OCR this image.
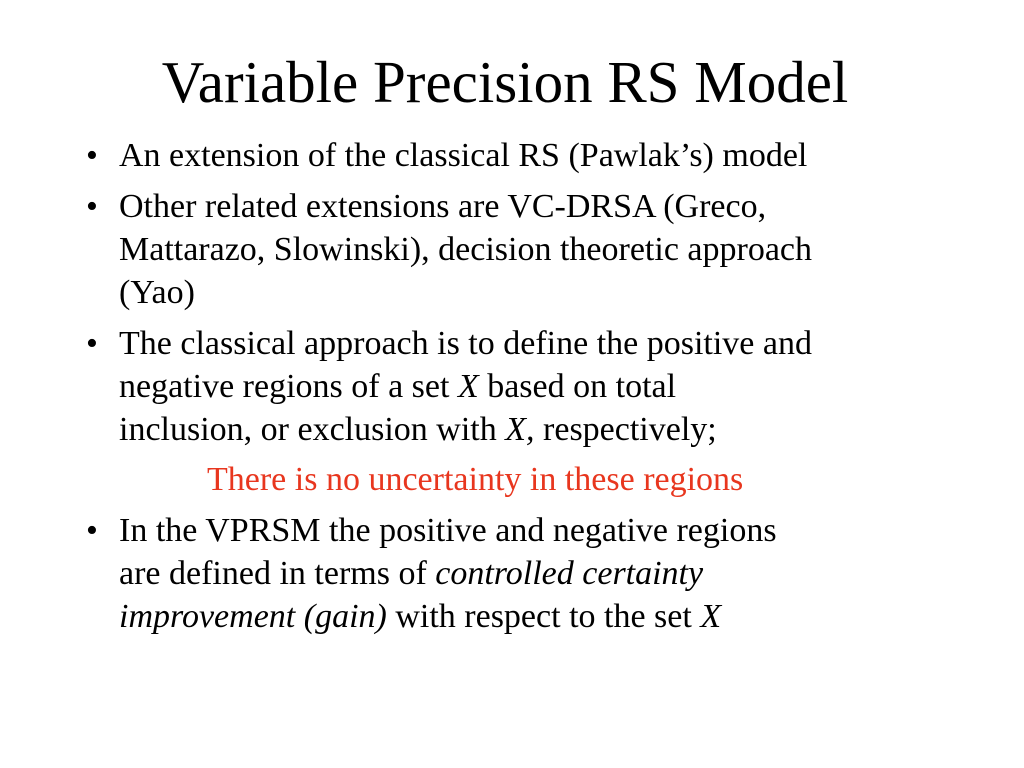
Variable Precision RS Model
• An extension of the classical RS (Pawlak’s) model
• Other related extensions are VC-DRSA (Greco,
Mattarazo, Slowinski), decision theoretic approach
(Yao)
• The classical approach is to define the positive and
negative regions of a set X based on total
inclusion, or exclusion with X, respectively;
There is no uncertainty in these regions
• In the VPRSM the positive and negative regions
are defined in terms of controlled certainty
improvement (gain) with respect to the set X
